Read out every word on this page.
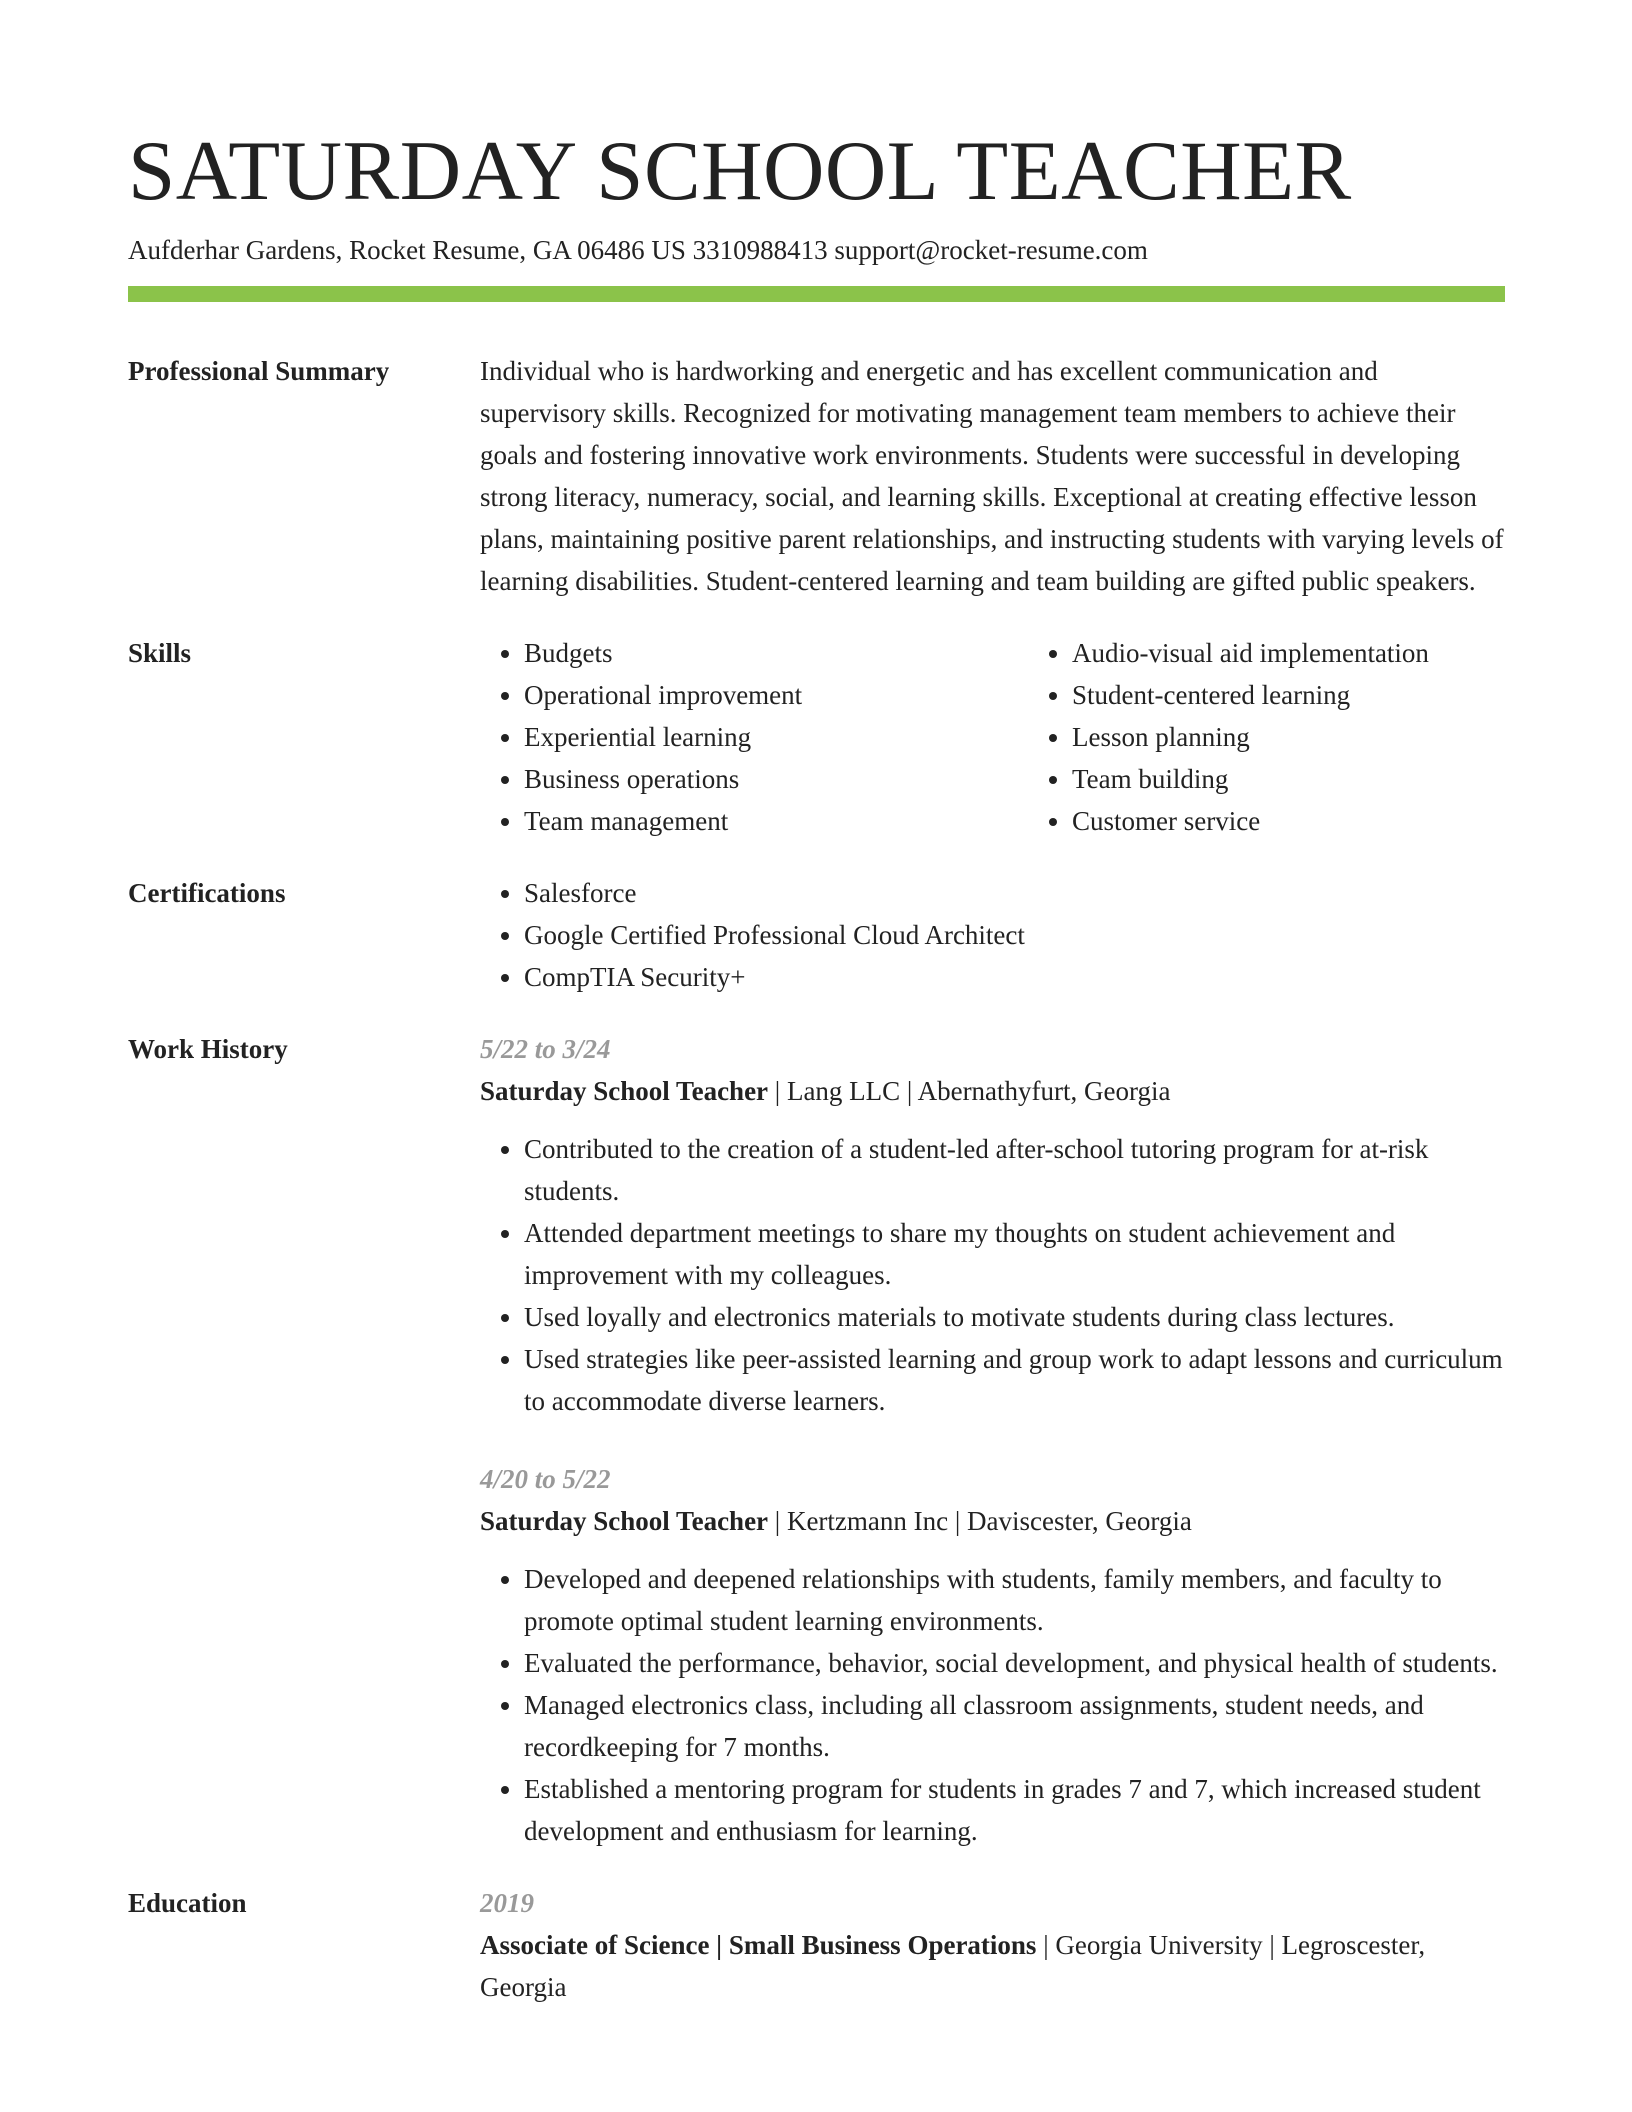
SATURDAY SCHOOL TEACHER
Aufderhar Gardens, Rocket Resume, GA 06486 US 3310988413 support@rocket-resume.com
Professional Summary	Individual who is hardworking and energetic and has excellent communication and supervisory skills. Recognized for motivating management team members to achieve their goals and fostering innovative work environments. Students were successful in developing strong literacy, numeracy, social, and learning skills. Exceptional at creating effective lesson plans, maintaining positive parent relationships, and instructing students with varying levels of learning disabilities. Student-centered learning and team building are gifted public speakers.

Skills	• Budgets
• Operational improvement
• Experiential learning
• Business operations
• Team management
• Audio-visual aid implementation
• Student-centered learning
• Lesson planning
• Team building
• Customer service
Certifications	• Salesforce
• Google Certified Professional Cloud Architect
• CompTIA Security+
Work History	5/22 to 3/24
Saturday School Teacher | Lang LLC | Abernathyfurt, Georgia
• Contributed to the creation of a student-led after-school tutoring program for at-risk students.
• Attended department meetings to share my thoughts on student achievement and improvement with my colleagues.
• Used loyally and electronics materials to motivate students during class lectures.
• Used strategies like peer-assisted learning and group work to adapt lessons and curriculum to accommodate diverse learners.
4/20 to 5/22
Saturday School Teacher | Kertzmann Inc | Daviscester, Georgia
• Developed and deepened relationships with students, family members, and faculty to promote optimal student learning environments.
• Evaluated the performance, behavior, social development, and physical health of students.
• Managed electronics class, including all classroom assignments, student needs, and recordkeeping for 7 months.
• Established a mentoring program for students in grades 7 and 7, which increased student development and enthusiasm for learning.
Education	2019

Associate of Science | Small Business Operations | Georgia University | Legroscester, Georgia
